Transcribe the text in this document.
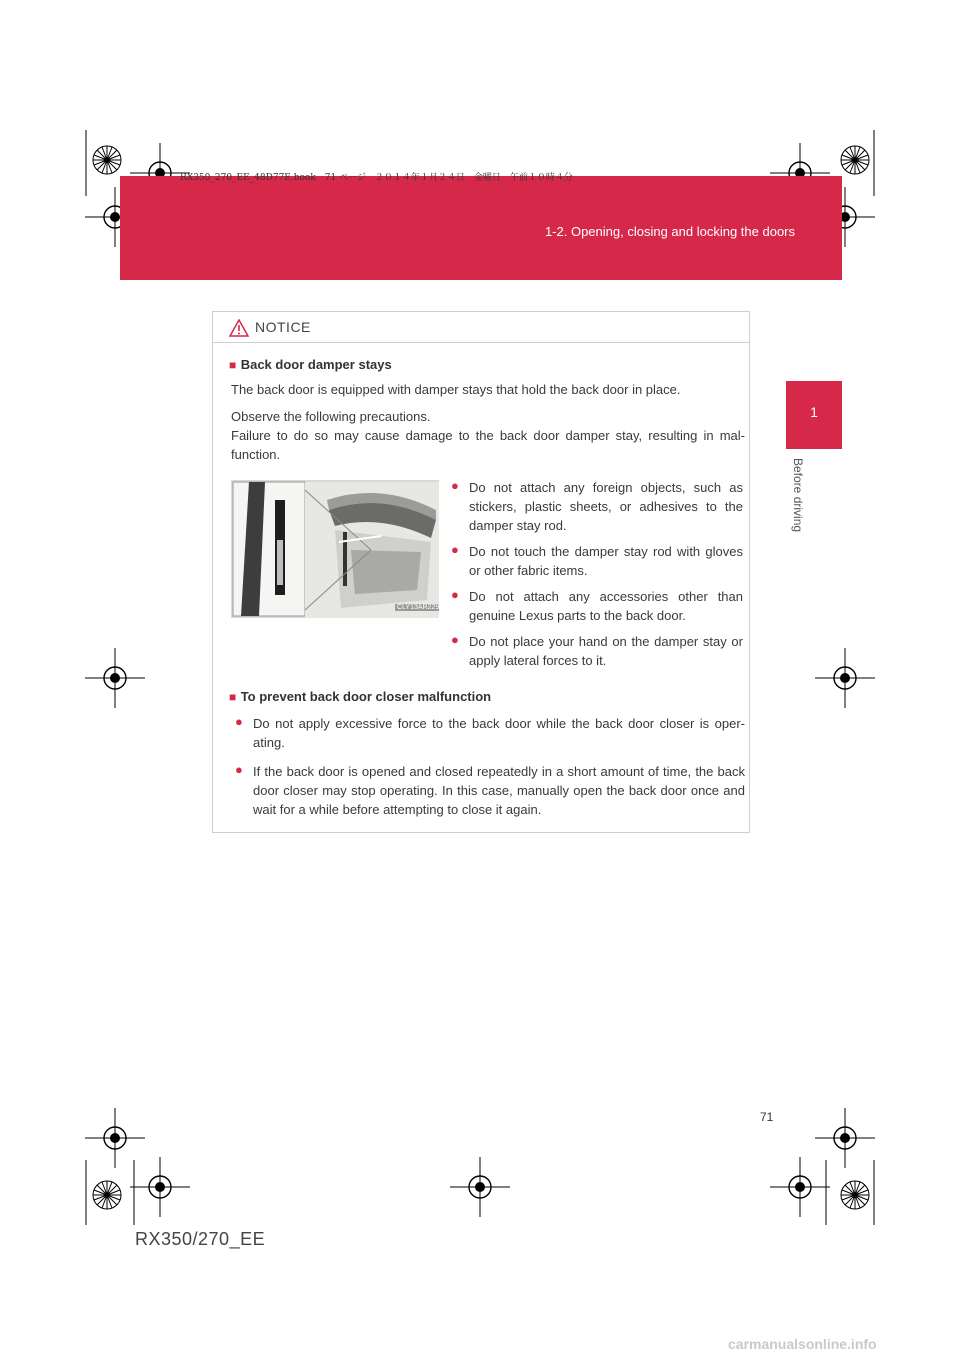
RX350_270_EE_48D77E.book　71 ページ　２０１４年１月２４日　金曜日　午前１０時４分
1-2. Opening, closing and locking the doors
1
Before driving
NOTICE
■ Back door damper stays
The back door is equipped with damper stays that hold the back door in place.
Observe the following precautions.
Failure to do so may cause damage to the back door damper stay, resulting in mal-function.
CLY13AR229
● Do not attach any foreign objects, such as stickers, plastic sheets, or adhesives to the damper stay rod.
● Do not touch the damper stay rod with gloves or other fabric items.
● Do not attach any accessories other than genuine Lexus parts to the back door.
● Do not place your hand on the damper stay or apply lateral forces to it.
■ To prevent back door closer malfunction
● Do not apply excessive force to the back door while the back door closer is oper-ating.
● If the back door is opened and closed repeatedly in a short amount of time, the back door closer may stop operating. In this case, manually open the back door once and wait for a while before attempting to close it again.
71
RX350/270_EE
carmanualsonline.info
